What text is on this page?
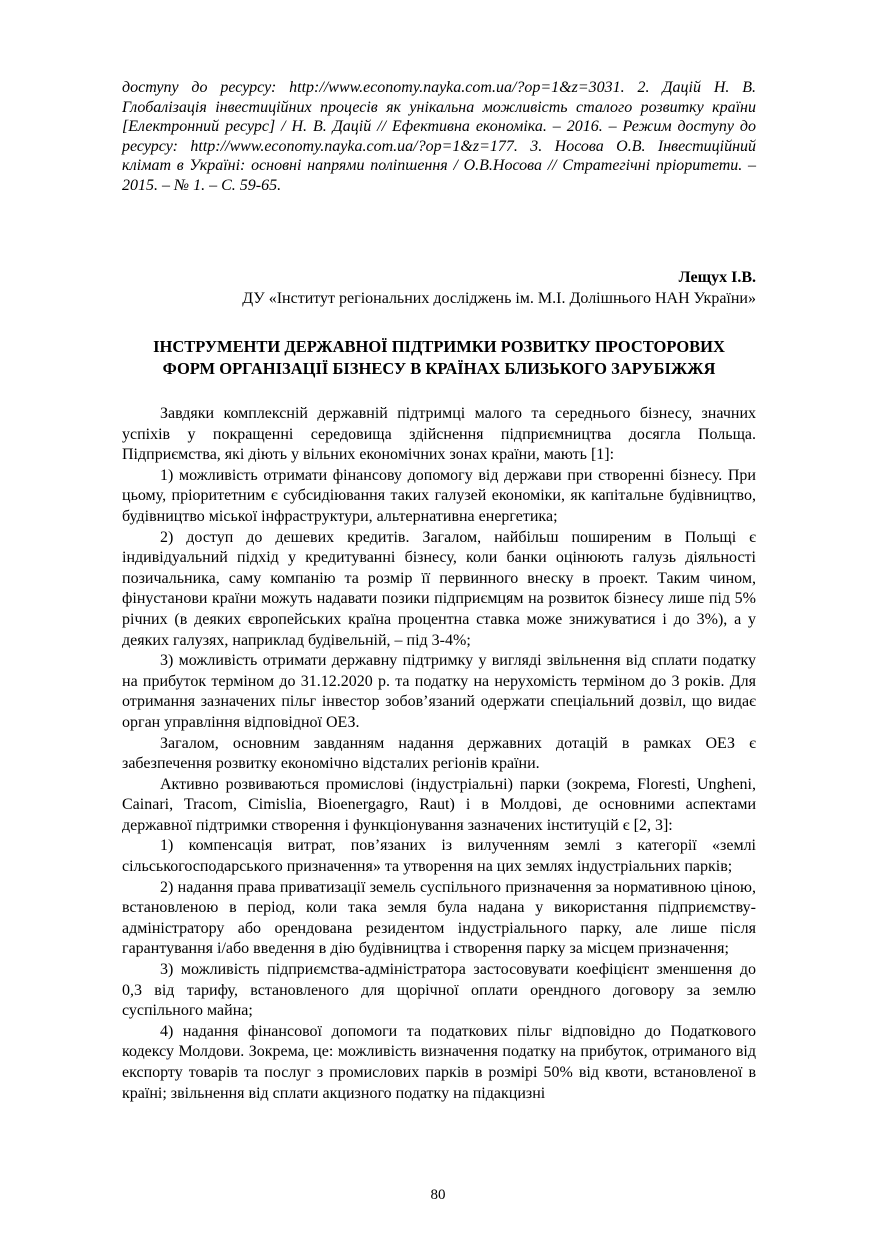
доступу до ресурсу: http://www.economy.nayka.com.ua/?op=1&z=3031. 2. Дацій Н. В. Глобалізація інвестиційних процесів як унікальна можливість сталого розвитку країни [Електронний ресурс] / Н. В. Дацій // Ефективна економіка. – 2016. – Режим доступу до ресурсу: http://www.economy.nayka.com.ua/?op=1&z=177. 3. Носова О.В. Інвестиційний клімат в Україні: основні напрями поліпшення / О.В.Носова // Стратегічні пріоритети. – 2015. – № 1. – С. 59-65.

Лещух І.В.

ДУ «Інститут регіональних досліджень ім. М.І. Долішнього НАН України»

ІНСТРУМЕНТИ ДЕРЖАВНОЇ ПІДТРИМКИ РОЗВИТКУ ПРОСТОРОВИХ ФОРМ ОРГАНІЗАЦІЇ БІЗНЕСУ В КРАЇНАХ БЛИЗЬКОГО ЗАРУБІЖЖЯ

Завдяки комплексній державній підтримці малого та середнього бізнесу, значних успіхів у покращенні середовища здійснення підприємництва досягла Польща. Підприємства, які діють у вільних економічних зонах країни, мають [1]:

1) можливість отримати фінансову допомогу від держави при створенні бізнесу. При цьому, пріоритетним є субсидіювання таких галузей економіки, як капітальне будівництво, будівництво міської інфраструктури, альтернативна енергетика;

2) доступ до дешевих кредитів. Загалом, найбільш поширеним в Польщі є індивідуальний підхід у кредитуванні бізнесу, коли банки оцінюють галузь діяльності позичальника, саму компанію та розмір її первинного внеску в проект. Таким чином, фінустанови країни можуть надавати позики підприємцям на розвиток бізнесу лише під 5% річних (в деяких європейських країна процентна ставка може знижуватися і до 3%), а у деяких галузях, наприклад будівельній, – під 3-4%;

3) можливість отримати державну підтримку у вигляді звільнення від сплати податку на прибуток терміном до 31.12.2020 р. та податку на нерухомість терміном до 3 років. Для отримання зазначених пільг інвестор зобов’язаний одержати спеціальний дозвіл, що видає орган управління відповідної ОЕЗ.

Загалом, основним завданням надання державних дотацій в рамках ОЕЗ є забезпечення розвитку економічно відсталих регіонів країни.

Активно розвиваються промислові (індустріальні) парки (зокрема, Floresti, Ungheni, Cainari, Tracom, Cimislia, Bioenergagro, Raut) і в Молдові, де основними аспектами державної підтримки створення і функціонування зазначених інституцій є [2, 3]:

1) компенсація витрат, пов’язаних із вилученням землі з категорії «землі сільськогосподарського призначення» та утворення на цих землях індустріальних парків;

2) надання права приватизації земель суспільного призначення за нормативною ціною, встановленою в період, коли така земля була надана у використання підприємству-адміністратору або орендована резидентом індустріального парку, але лише після гарантування і/або введення в дію будівництва і створення парку за місцем призначення;

3) можливість підприємства-адміністратора застосовувати коефіцієнт зменшення до 0,3 від тарифу, встановленого для щорічної оплати орендного договору за землю суспільного майна;

4) надання фінансової допомоги та податкових пільг відповідно до Податкового кодексу Молдови. Зокрема, це: можливість визначення податку на прибуток, отриманого від експорту товарів та послуг з промислових парків в розмірі 50% від квоти, встановленої в країні; звільнення від сплати акцизного податку на підакцизні

80
